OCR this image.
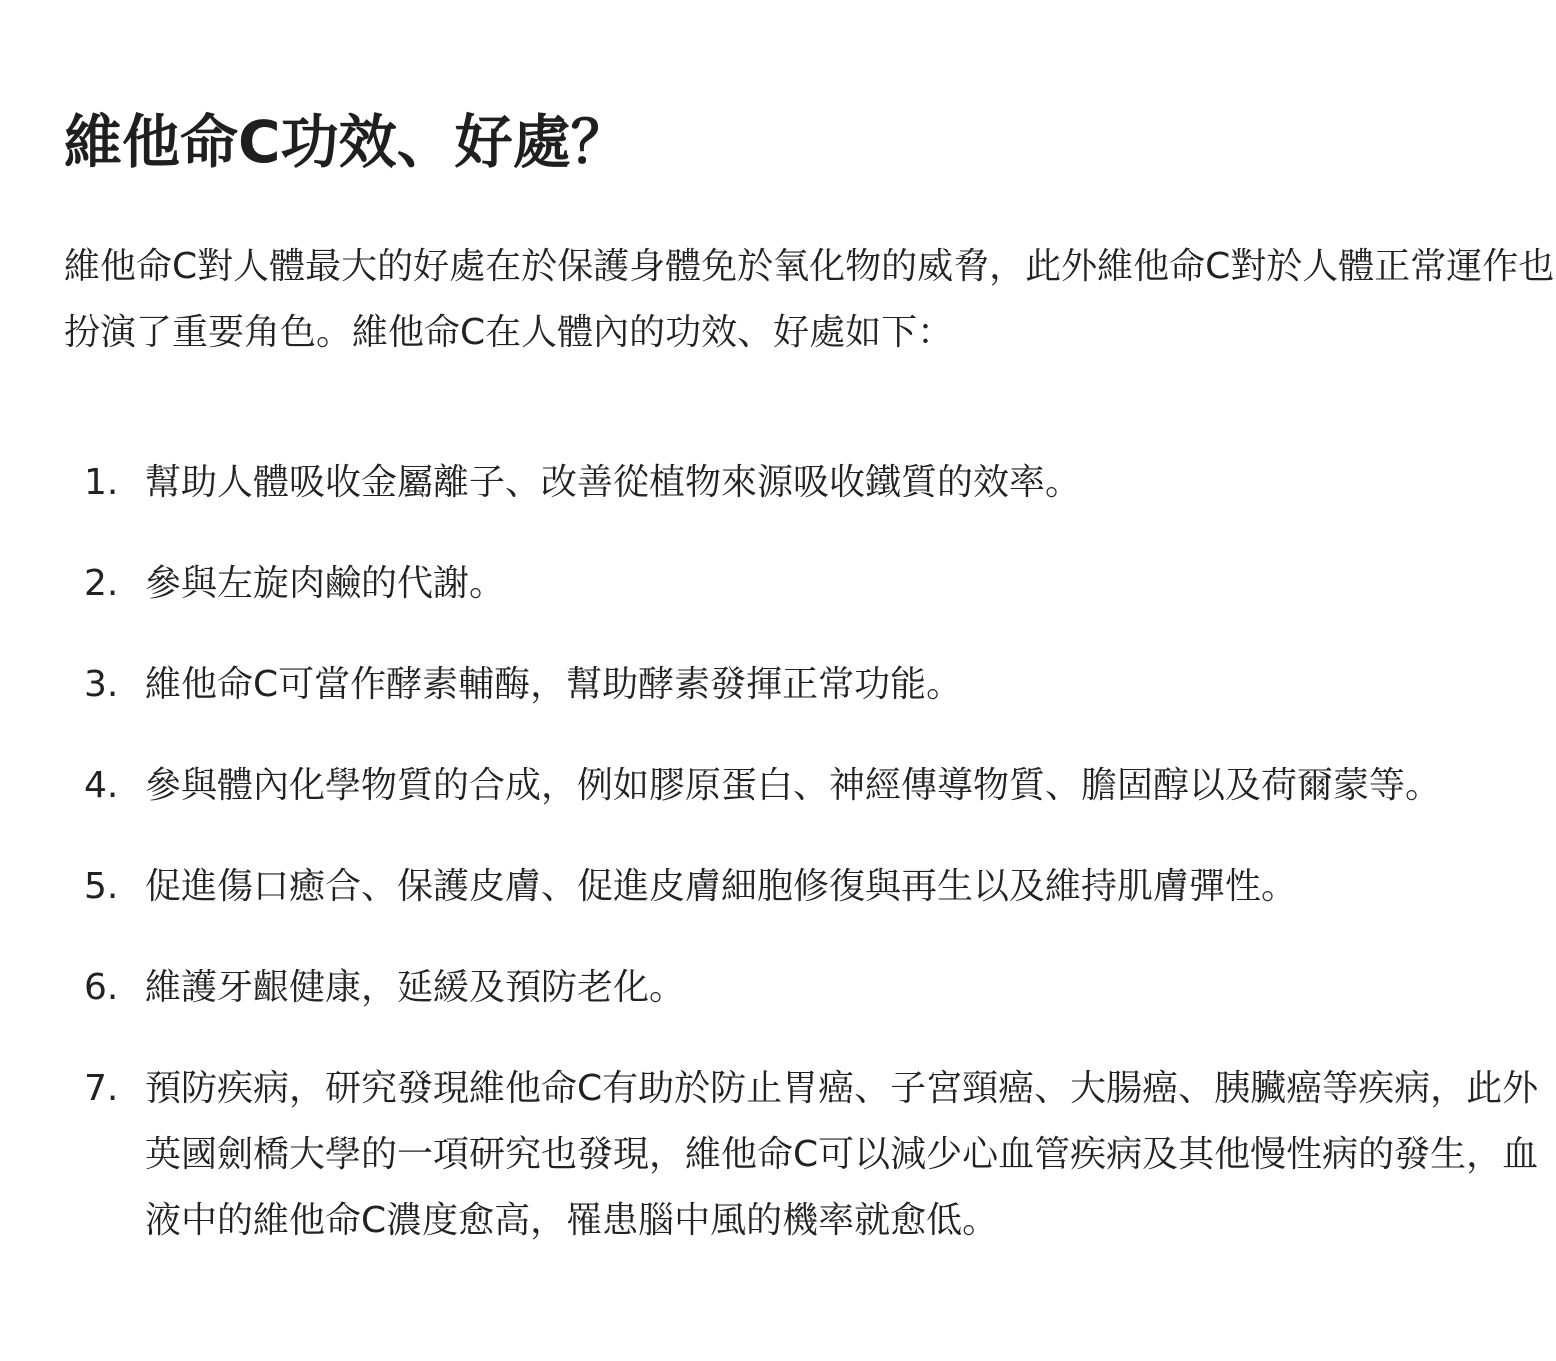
維他命C功效、好處？

維他命C對人體最大的好處在於保護身體免於氧化物的威脅，此外維他命C對於人體正常運作也扮演了重要角色。維他命C在人體內的功效、好處如下：

1. 幫助人體吸收金屬離子、改善從植物來源吸收鐵質的效率。
2. 參與左旋肉鹼的代謝。
3. 維他命C可當作酵素輔酶，幫助酵素發揮正常功能。
4. 參與體內化學物質的合成，例如膠原蛋白、神經傳導物質、膽固醇以及荷爾蒙等。
5. 促進傷口癒合、保護皮膚、促進皮膚細胞修復與再生以及維持肌膚彈性。
6. 維護牙齦健康，延緩及預防老化。
7. 預防疾病，研究發現維他命C有助於防止胃癌、子宮頸癌、大腸癌、胰臟癌等疾病，此外英國劍橋大學的一項研究也發現，維他命C可以減少心血管疾病及其他慢性病的發生，血液中的維他命C濃度愈高，罹患腦中風的機率就愈低。
